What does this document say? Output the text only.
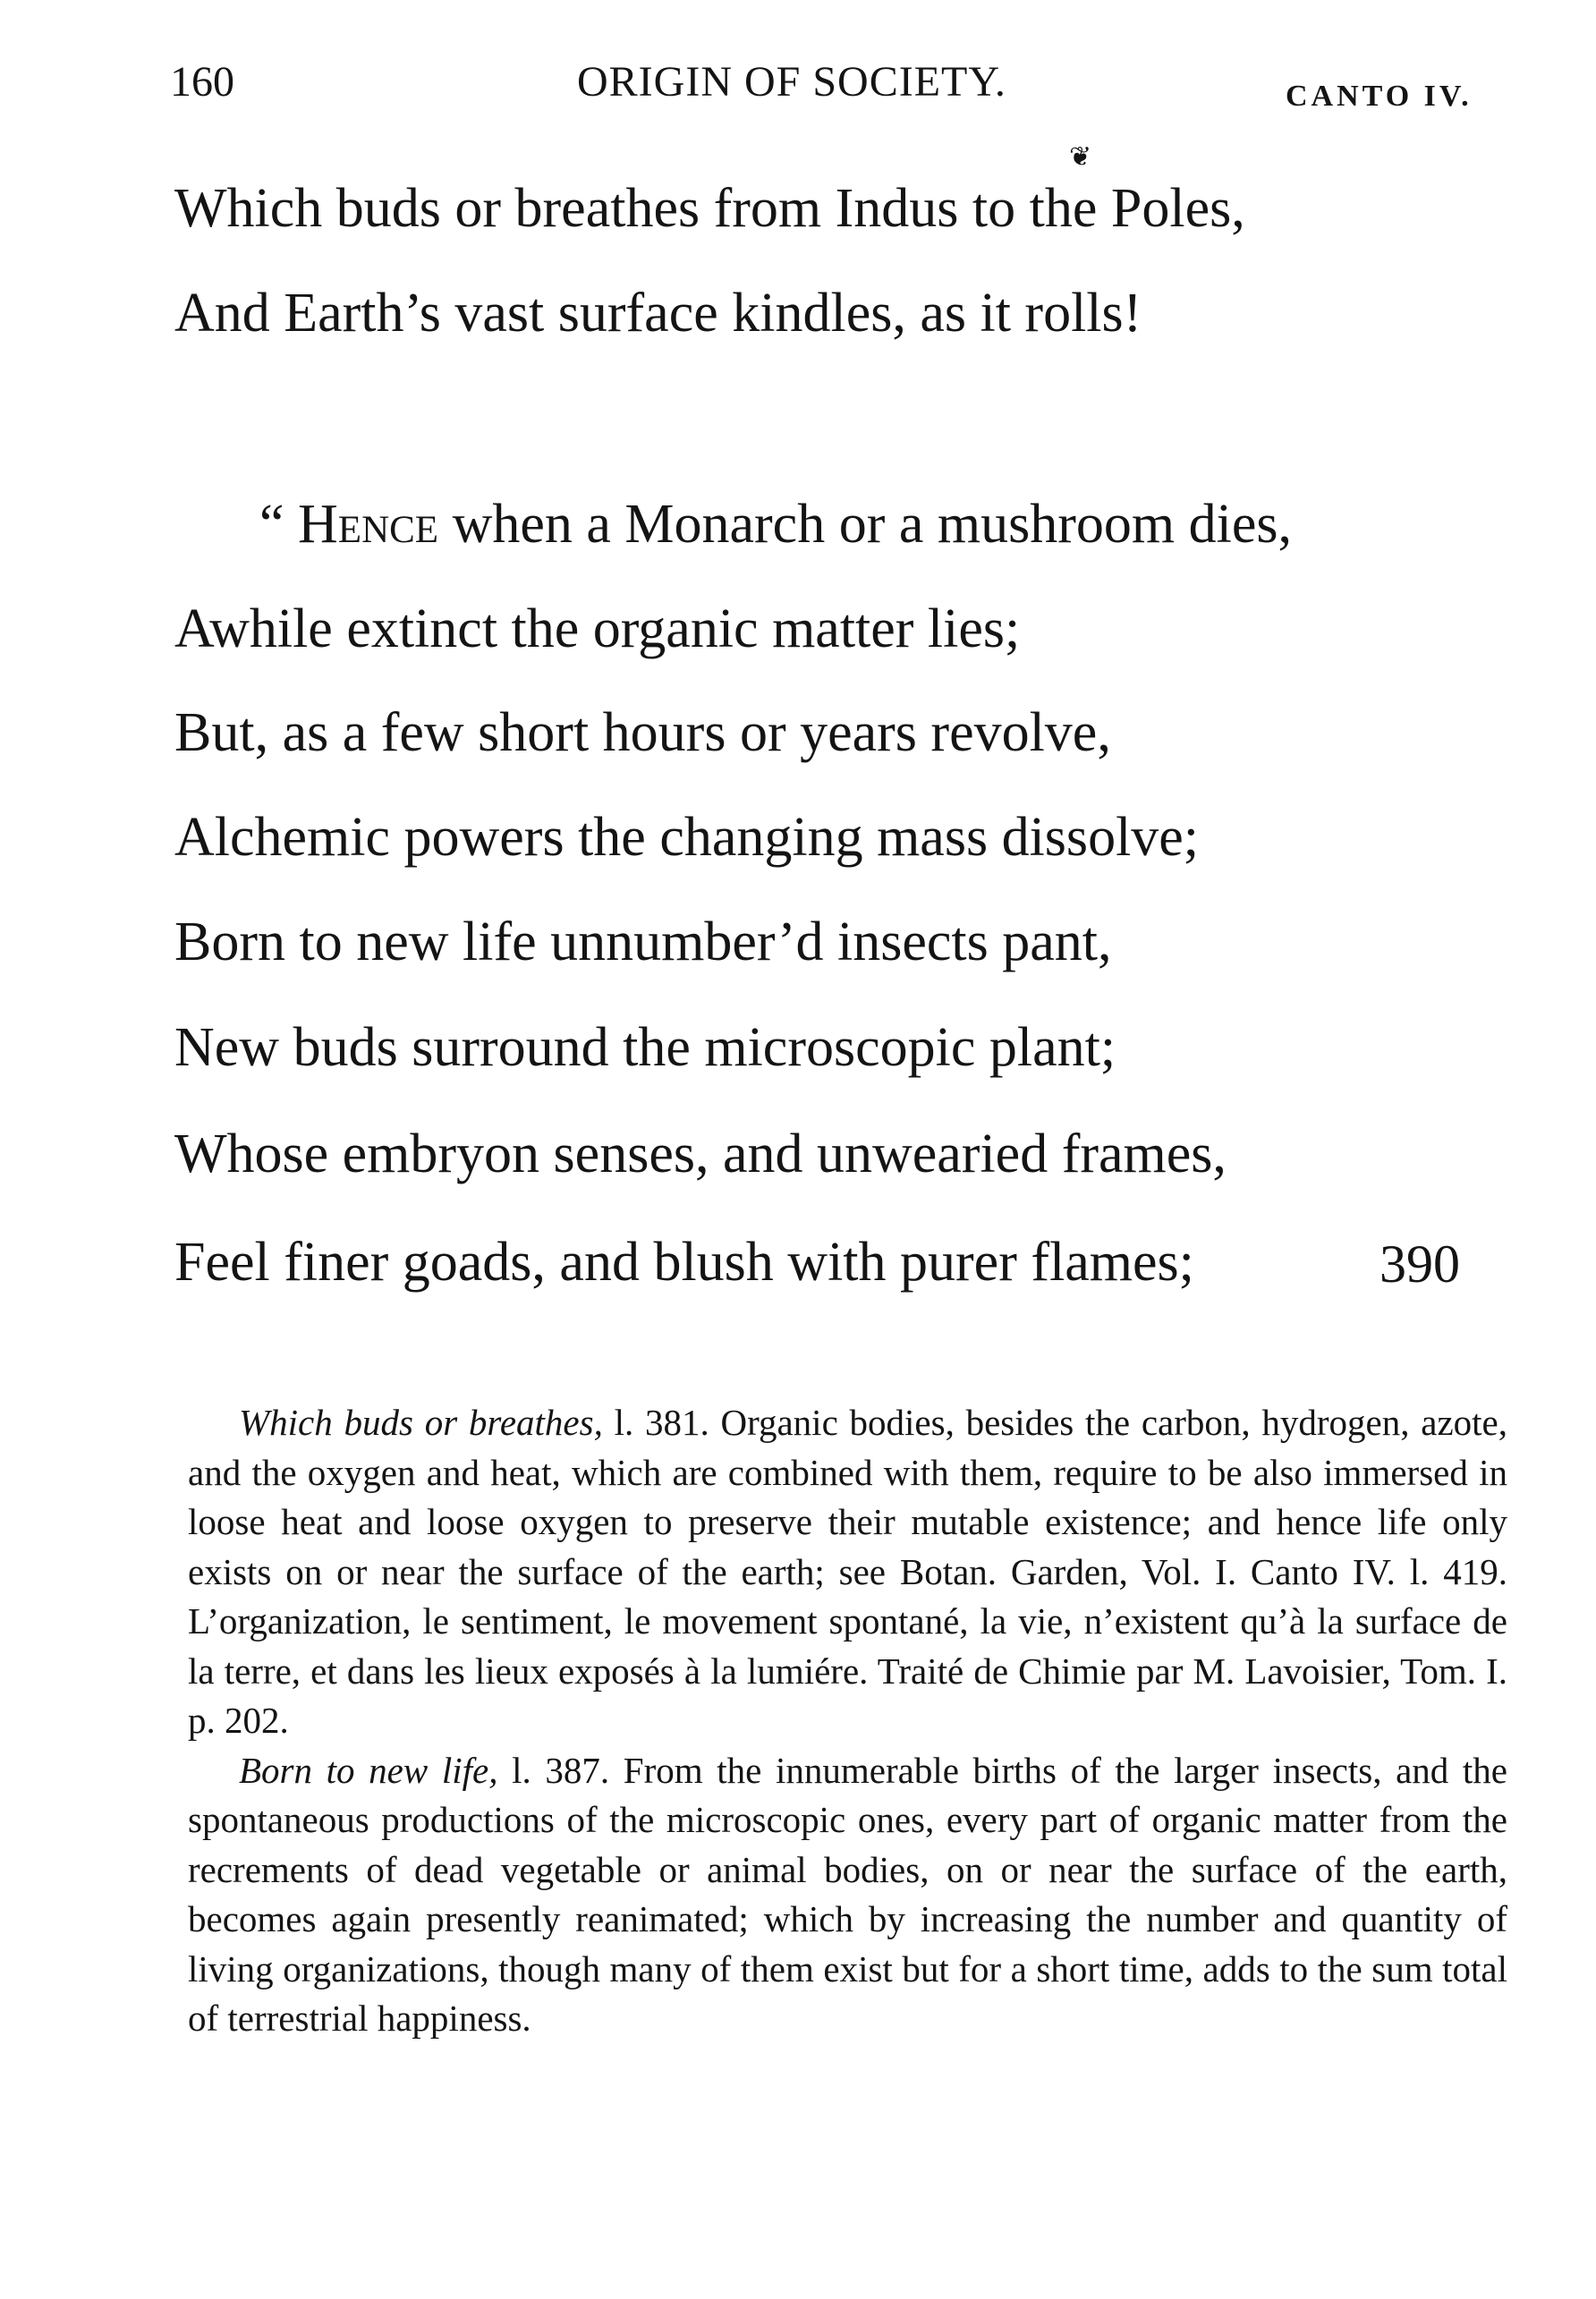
160	ORIGIN OF SOCIETY.	CANTO IV.
❦
Which buds or breathes from Indus to the Poles,
And Earth’s vast surface kindles, as it rolls!
“ Hence when a Monarch or a mushroom dies,
Awhile extinct the organic matter lies;
But, as a few short hours or years revolve,
Alchemic powers the changing mass dissolve;
Born to new life unnumber’d insects pant,
New buds surround the microscopic plant;
Whose embryon senses, and unwearied frames,
Feel finer goads, and blush with purer flames;	390

Which buds or breathes, l. 381. Organic bodies, besides the carbon, hydrogen, azote, and the oxygen and heat, which are combined with them, require to be also immersed in loose heat and loose oxygen to preserve their mutable existence; and hence life only exists on or near the surface of the earth; see Botan. Garden, Vol. I. Canto IV. l. 419. L’organization, le sentiment, le movement spontané, la vie, n’existent qu’à la surface de la terre, et dans les lieux exposés à la lumiére. Traité de Chimie par M. Lavoisier, Tom. I. p. 202.

Born to new life, l. 387. From the innumerable births of the larger insects, and the spontaneous productions of the microscopic ones, every part of organic matter from the recrements of dead vegetable or animal bodies, on or near the surface of the earth, becomes again presently reanimated; which by increasing the number and quantity of living organizations, though many of them exist but for a short time, adds to the sum total of terrestrial happiness.
